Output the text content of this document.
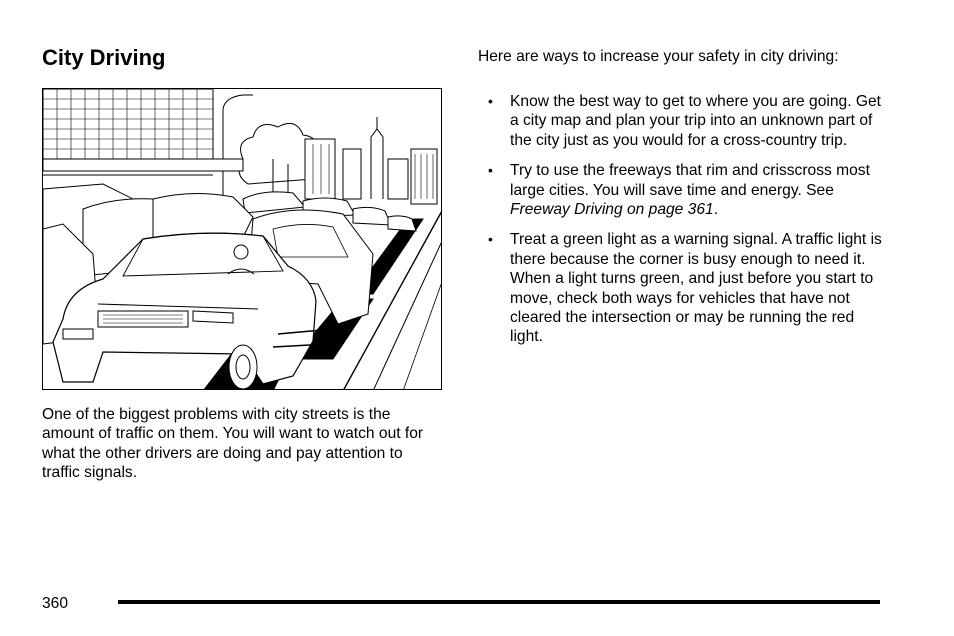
City Driving

One of the biggest problems with city streets is the amount of traffic on them. You will want to watch out for what the other drivers are doing and pay attention to traffic signals.

Here are ways to increase your safety in city driving:

• Know the best way to get to where you are going. Get a city map and plan your trip into an unknown part of the city just as you would for a cross-country trip.
• Try to use the freeways that rim and crisscross most large cities. You will save time and energy. See Freeway Driving on page 361.
• Treat a green light as a warning signal. A traffic light is there because the corner is busy enough to need it. When a light turns green, and just before you start to move, check both ways for vehicles that have not cleared the intersection or may be running the red light.
360
